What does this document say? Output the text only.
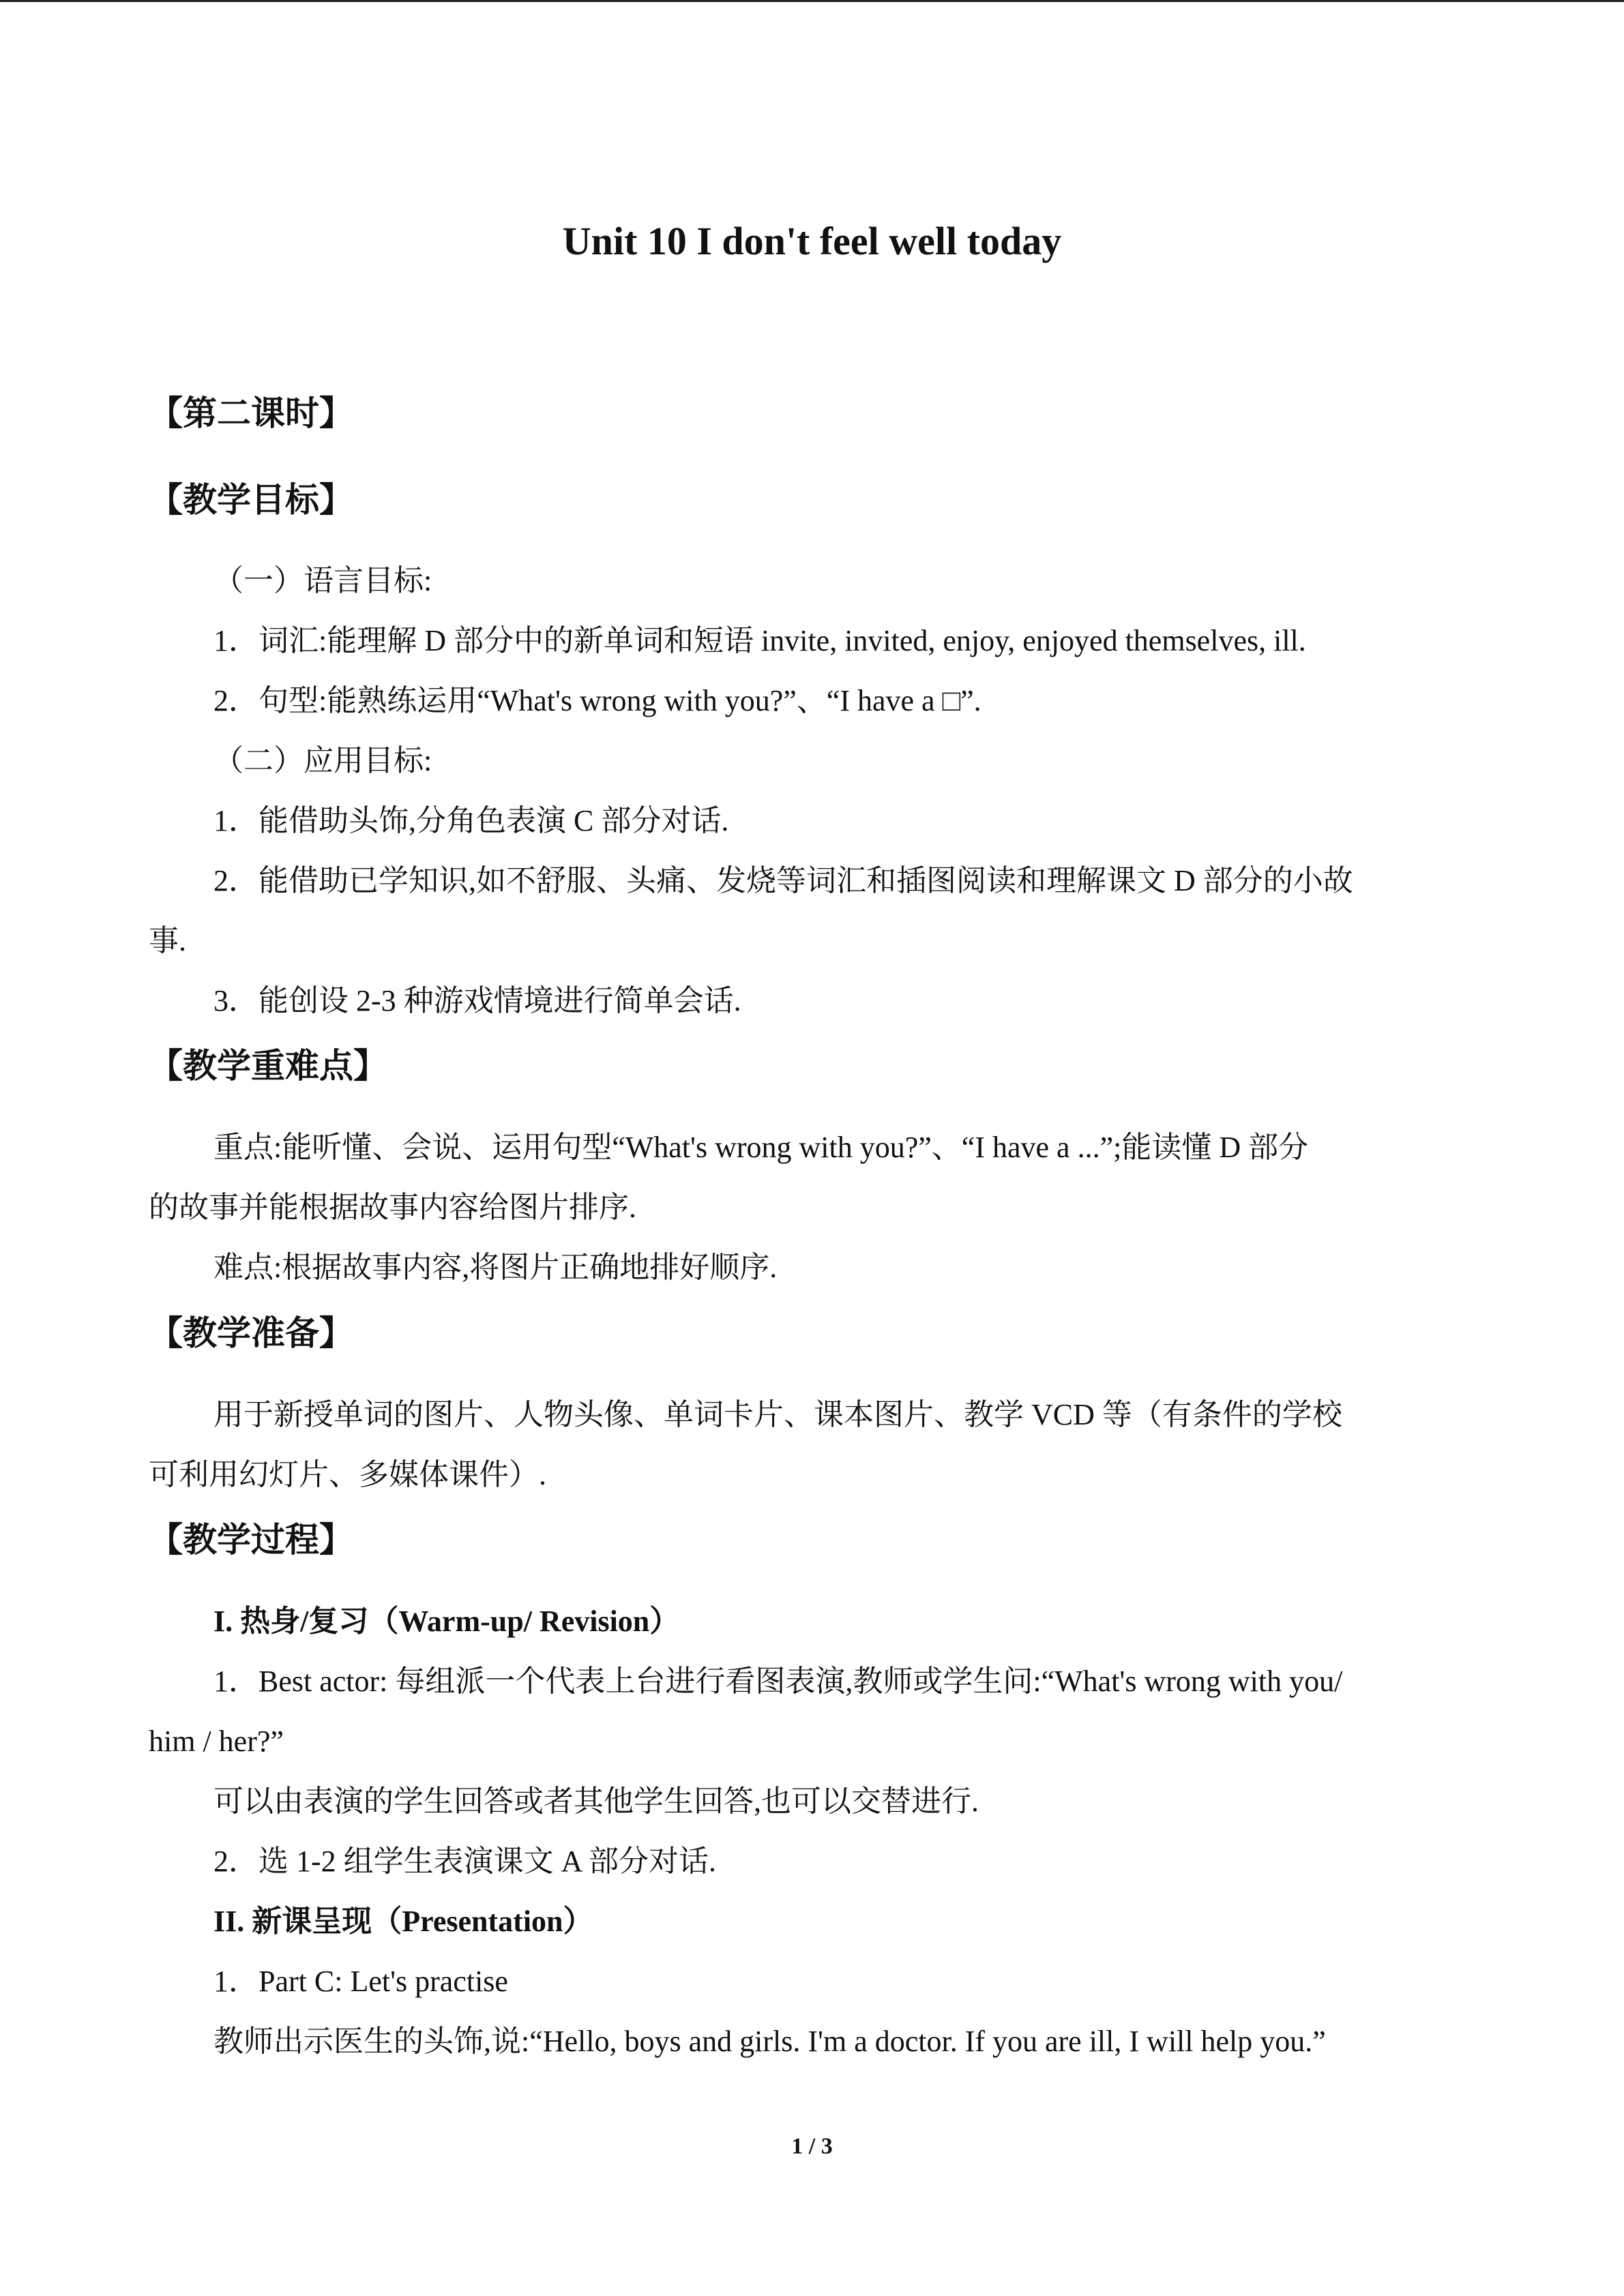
Unit 10 I don't feel well today
【第二课时】
【教学目标】
（一）语言目标:
1．词汇:能理解 D 部分中的新单词和短语 invite, invited, enjoy, enjoyed themselves, ill.
2．句型:能熟练运用“What's wrong with you?”、“I have a □”.
（二）应用目标:
1．能借助头饰,分角色表演 C 部分对话.
2．能借助已学知识,如不舒服、头痛、发烧等词汇和插图阅读和理解课文 D 部分的小故
事.
3．能创设 2-3 种游戏情境进行简单会话.
【教学重难点】
重点:能听懂、会说、运用句型“What's wrong with you?”、“I have a ...”;能读懂 D 部分
的故事并能根据故事内容给图片排序.
难点:根据故事内容,将图片正确地排好顺序.
【教学准备】
用于新授单词的图片、人物头像、单词卡片、课本图片、教学 VCD 等（有条件的学校
可利用幻灯片、多媒体课件）.
【教学过程】
I. 热身/复习（Warm-up/ Revision）
1．Best actor: 每组派一个代表上台进行看图表演,教师或学生问:“What's wrong with you/
him / her?”
可以由表演的学生回答或者其他学生回答,也可以交替进行.
2．选 1-2 组学生表演课文 A 部分对话.
II. 新课呈现（Presentation）
1．Part C: Let's practise
教师出示医生的头饰,说:“Hello, boys and girls. I'm a doctor. If you are ill, I will help you.”
1 / 3
